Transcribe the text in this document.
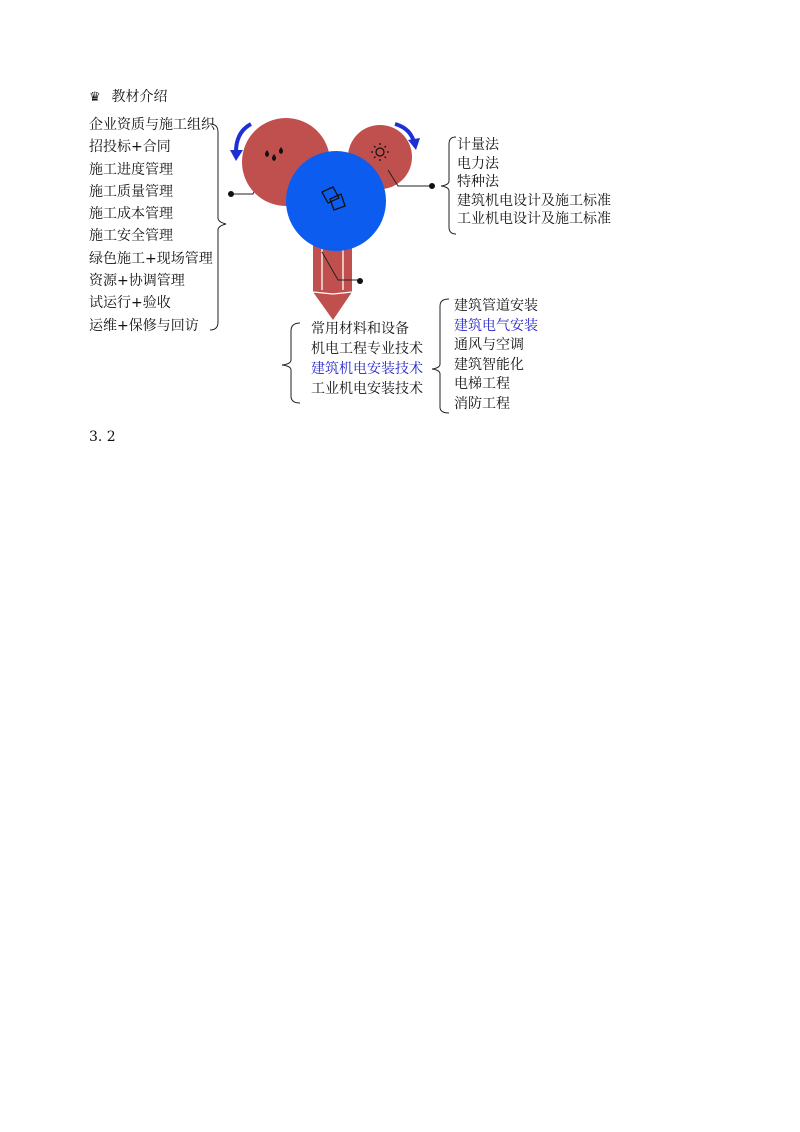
♛ 教材介绍
企业资质与施工组织
招投标+合同
施工进度管理
施工质量管理
施工成本管理
施工安全管理
绿色施工+现场管理
资源+协调管理
试运行+验收
运维+保修与回访
计量法
电力法
特种法
建筑机电设计及施工标准
工业机电设计及施工标准
常用材料和设备
机电工程专业技术
建筑机电安装技术
工业机电安装技术
建筑管道安装
建筑电气安装
通风与空调
建筑智能化
电梯工程
消防工程
3. 2
